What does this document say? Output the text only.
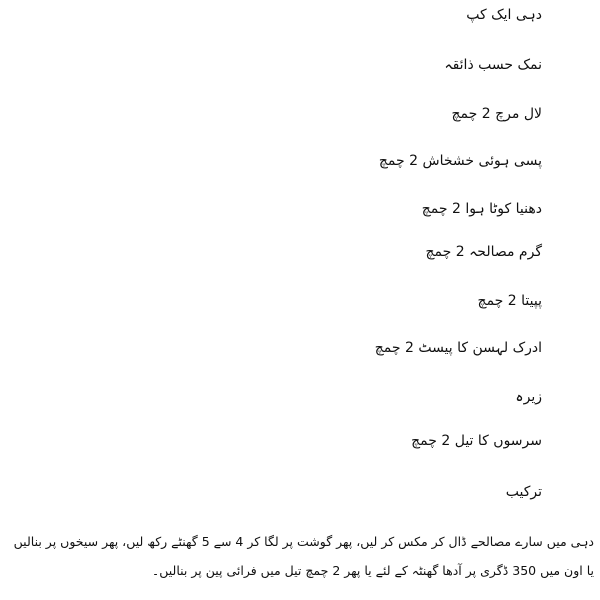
دہی ایک کپ
نمک حسب ذائقہ
لال مرچ 2 چمچ
پسی ہوئی خشخاش 2 چمچ
دھنیا کوٹا ہوا 2 چمچ
گرم مصالحہ 2 چمچ
پپیتا 2 چمچ
ادرک لہسن کا پیسٹ 2 چمچ
زیرہ
سرسوں کا تیل 2 چمچ
ترکیب
دہی میں سارے مصالحے ڈال کر مکس کر لیں، پھر گوشت پر لگا کر 4 سے 5 گھنٹے رکھ لیں، پھر سیخوں پر بنالیں یا اون میں 350 ڈگری پر آدھا گھنٹہ کے لئے یا پھر 2 چمچ تیل میں فرائی پین پر بنالیں۔
